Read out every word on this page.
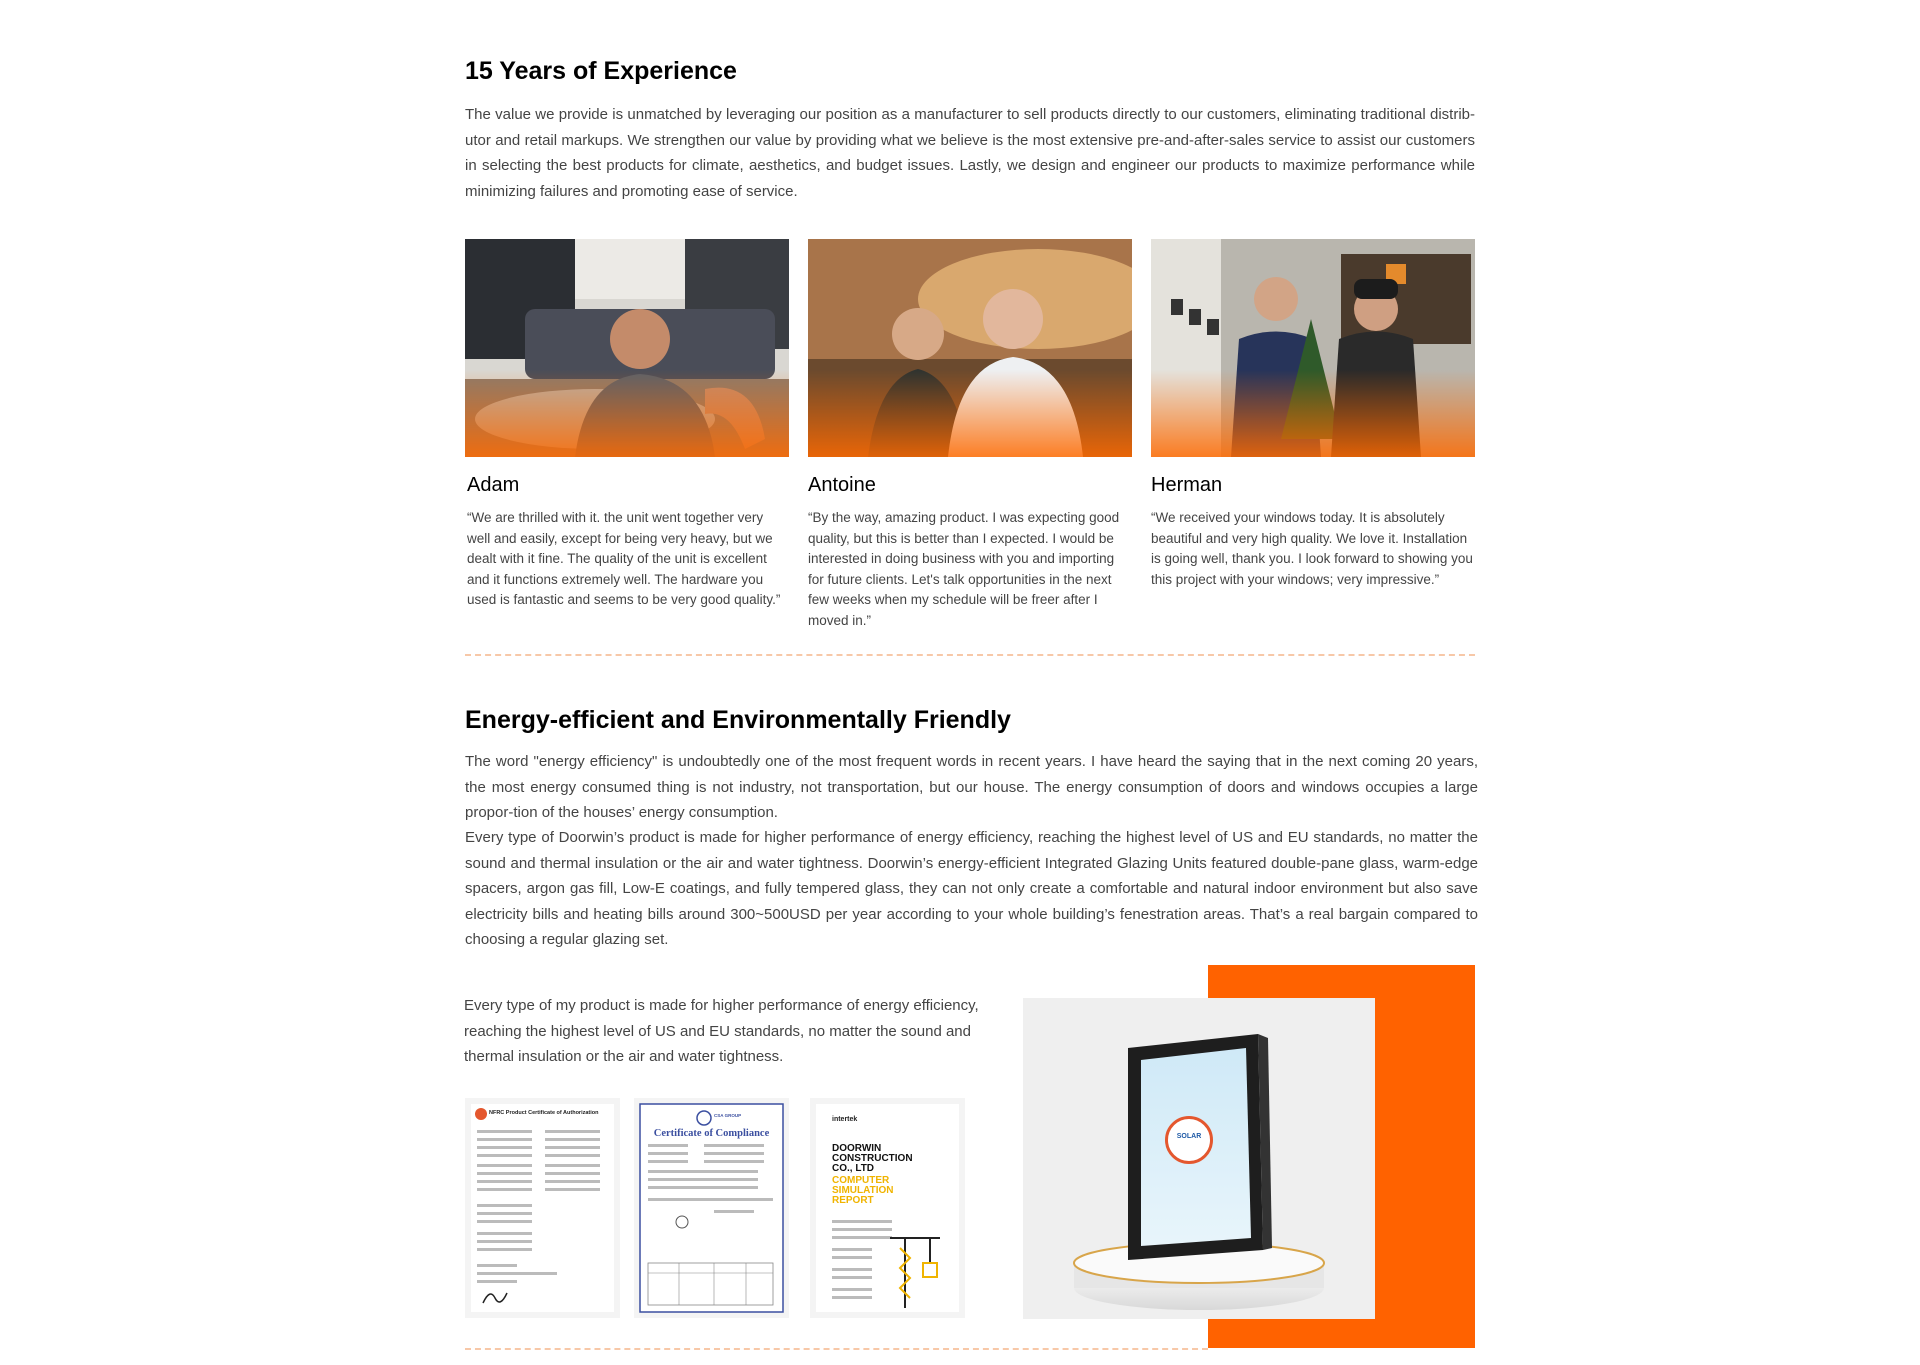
15 Years of Experience

The value we provide is unmatched by leveraging our position as a manufacturer to sell products directly to our customers, eliminating traditional distrib-utor and retail markups. We strengthen our value by providing what we believe is the most extensive pre-and-after-sales service to assist our customers in selecting the best products for climate, aesthetics, and budget issues. Lastly, we design and engineer our products to maximize performance while minimizing failures and promoting ease of service.

Adam

“We are thrilled with it. the unit went together very well and easily, except for being very heavy, but we dealt with it fine. The quality of the unit is excellent and it functions extremely well. The hardware you used is fantastic and seems to be very good quality.”

Antoine

“By the way, amazing product. I was expecting good quality, but this is better than I expected. I would be interested in doing business with you and importing for future clients. Let's talk opportunities in the next few weeks when my schedule will be freer after I moved in.”

Herman

“We received your windows today. It is absolutely beautiful and very high quality. We love it. Installation is going well, thank you. I look forward to showing you this project with your windows; very impressive.”

Energy-efficient and Environmentally Friendly

The word "energy efficiency" is undoubtedly one of the most frequent words in recent years. I have heard the saying that in the next coming 20 years, the most energy consumed thing is not industry, not transportation, but our house. The energy consumption of doors and windows occupies a large propor-tion of the houses’ energy consumption.

Every type of Doorwin’s product is made for higher performance of energy efficiency, reaching the highest level of US and EU standards, no matter the sound and thermal insulation or the air and water tightness. Doorwin’s energy-efficient Integrated Glazing Units featured double-pane glass, warm-edge spacers, argon gas fill, Low-E coatings, and fully tempered glass, they can not only create a comfortable and natural indoor environment but also save electricity bills and heating bills around 300~500USD per year according to your whole building’s fenestration areas. That’s a real bargain compared to choosing a regular glazing set.

Every type of my product is made for higher performance of energy efficiency, reaching the highest level of US and EU standards, no matter the sound and thermal insulation or the air and water tightness.

NFRC Product Certificate of Authorization	CSA GROUP
Certificate of Compliance
intertek
DOORWIN
CONSTRUCTION
CO., LTD
COMPUTER
SIMULATION
REPORT
SOLAR
